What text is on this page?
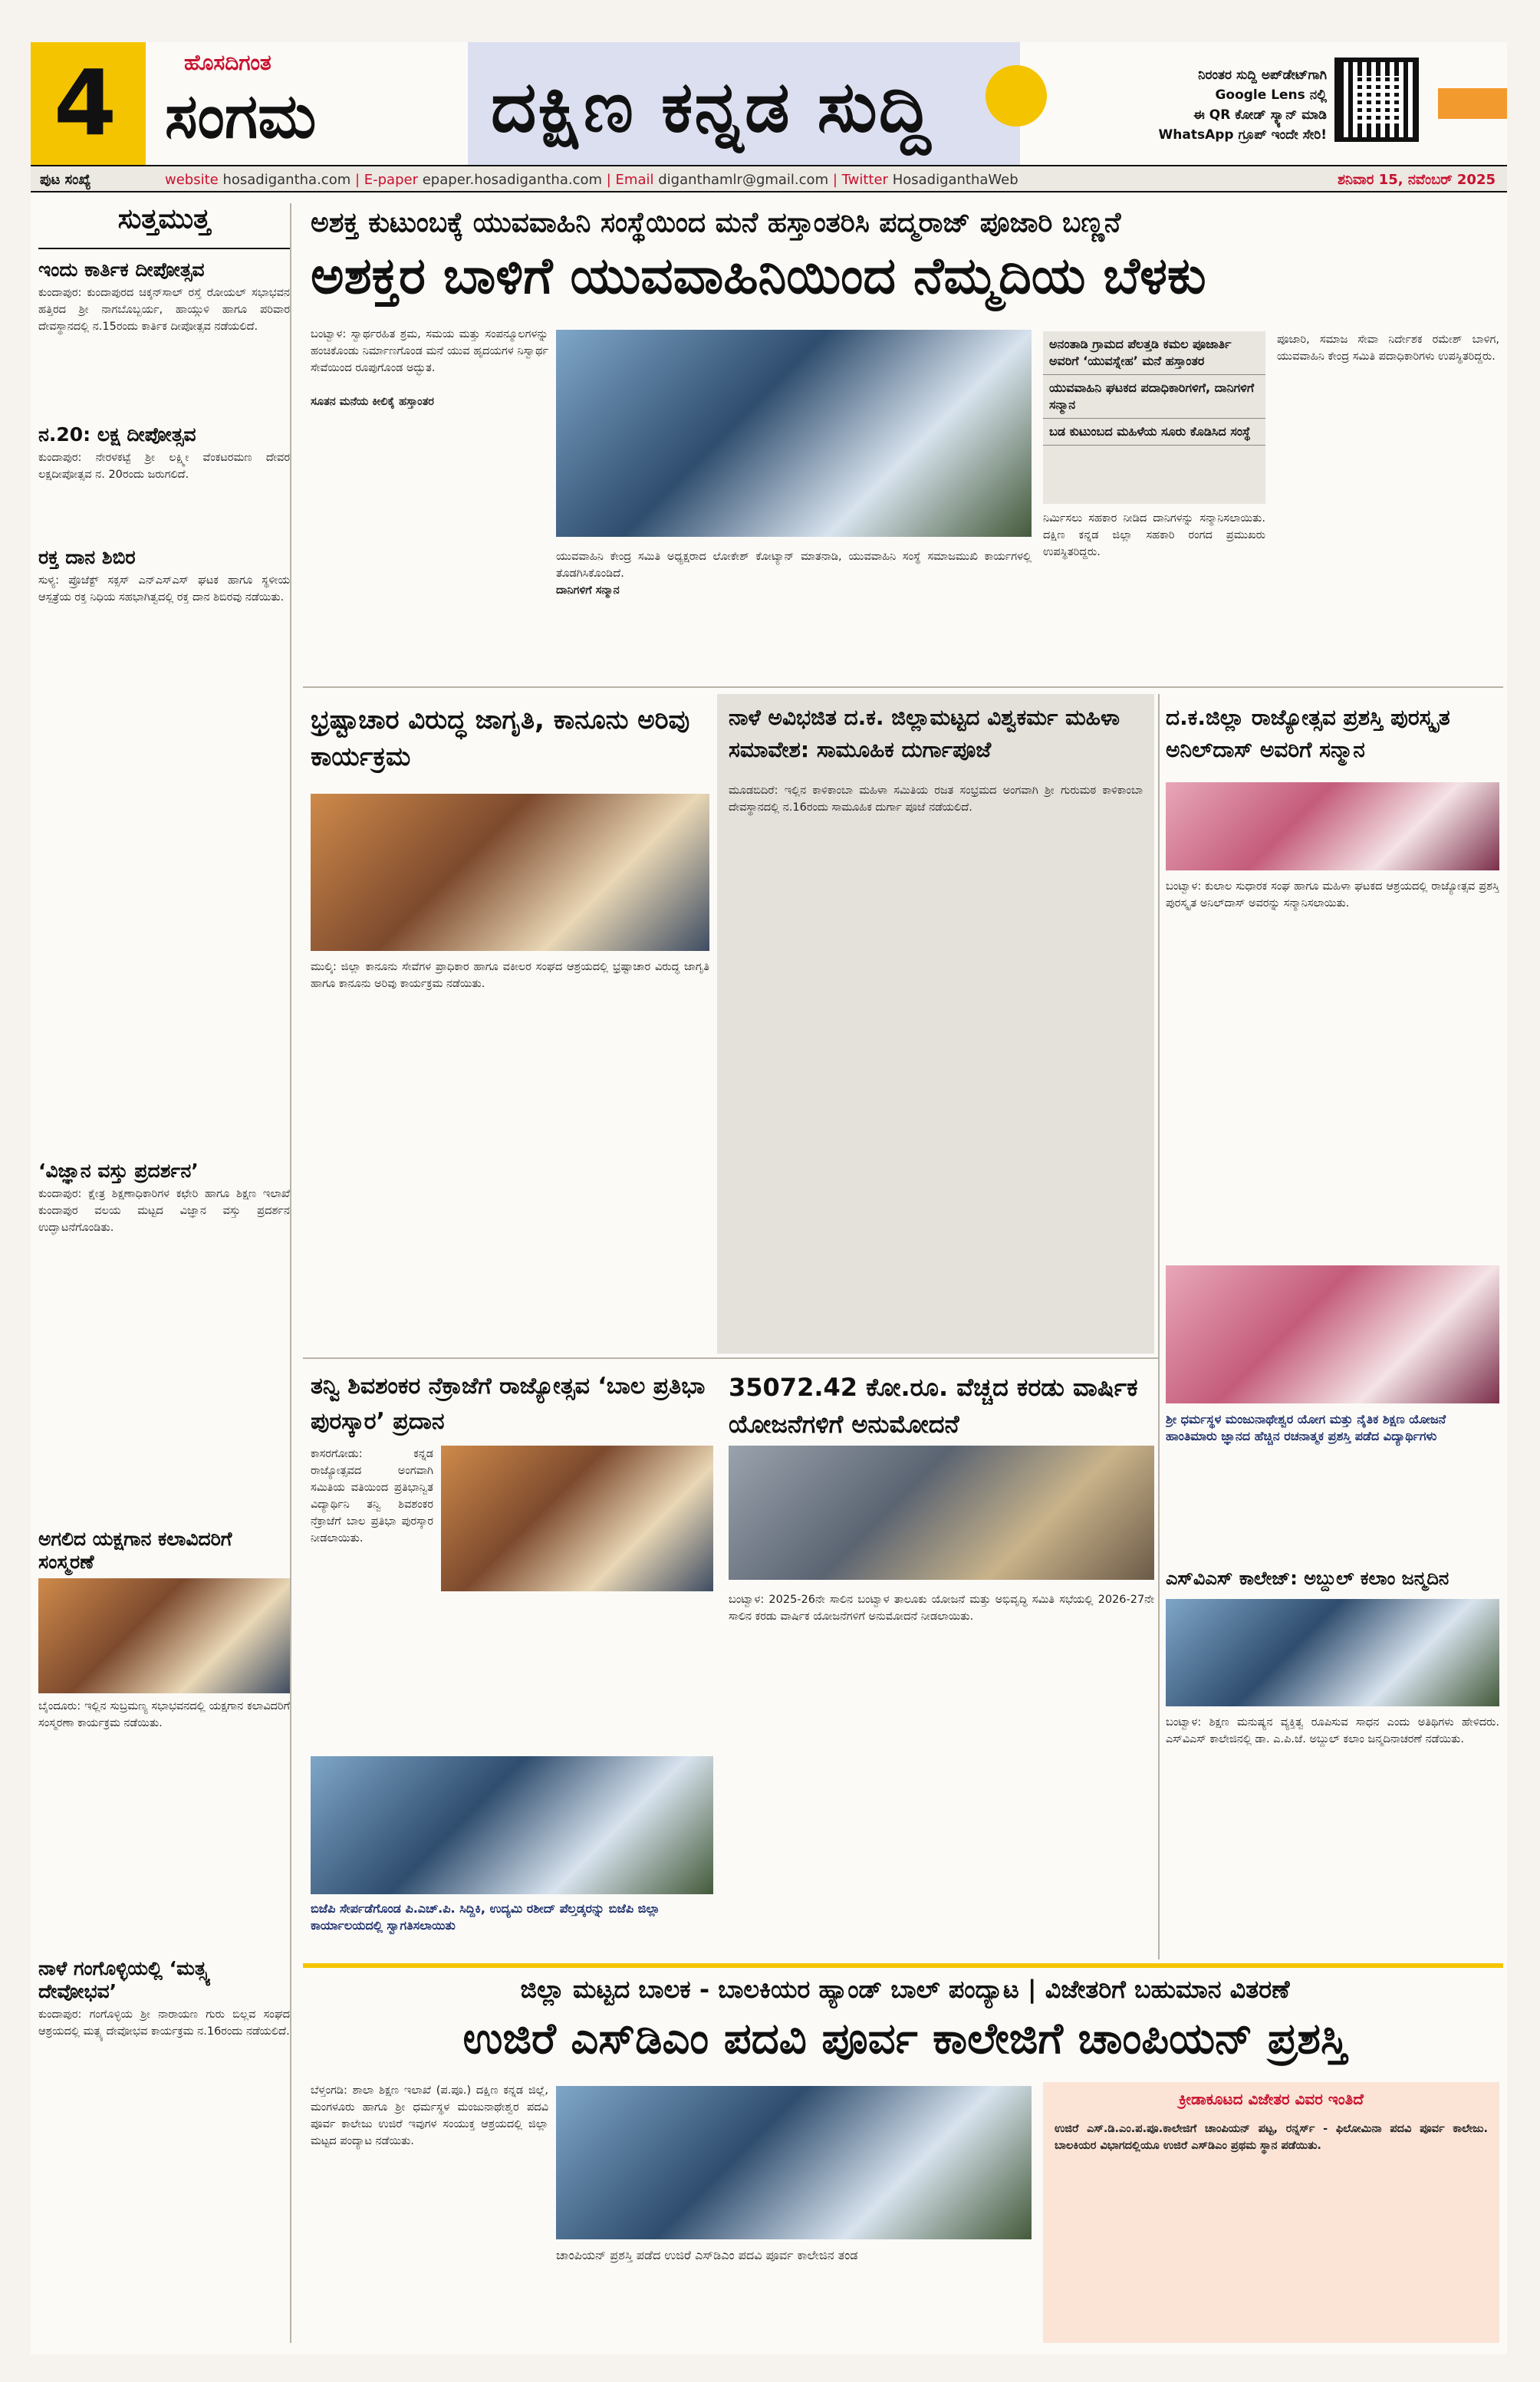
4	ಹೊಸದಿಗಂತ
ಸಂಗಮ ದಕ್ಷಿಣ ಕನ್ನಡ ಸುದ್ದಿ	ನಿರಂತರ ಸುದ್ದಿ ಅಪ್‌ಡೇಟ್‌ಗಾಗಿ
Google Lens ನಲ್ಲಿ
ಈ QR ಕೋಡ್ ಸ್ಕ್ಯಾನ್ ಮಾಡಿ
WhatsApp ಗ್ರೂಪ್ ಇಂದೇ ಸೇರಿ!
ಪುಟ ಸಂಖ್ಯೆ	website hosadigantha.com | E-paper epaper.hosadigantha.com | Email diganthamlr@gmail.com | Twitter HosadiganthaWeb	ಶನಿವಾರ 15, ನವೆಂಬರ್ 2025
ಸುತ್ತಮುತ್ತ
ಇಂದು ಕಾರ್ತಿಕ ದೀಪೋತ್ಸವ
ಕುಂದಾಪುರ: ಕುಂದಾಪುರದ ಚಿಕ್ಕನ್‌ಸಾಲ್ ರಸ್ತೆ ರೋಯಲ್ ಸಭಾಭವನ ಹತ್ತಿರದ ಶ್ರೀ ನಾಗಬೊಬ್ಬರ್ಯ, ಹಾಯ್ಗುಳಿ ಹಾಗೂ ಪರಿವಾರ ದೇವಸ್ಥಾನದಲ್ಲಿ ನ.15ರಂದು ಕಾರ್ತಿಕ ದೀಪೋತ್ಸವ ನಡೆಯಲಿದೆ.
ನ.20: ಲಕ್ಷ ದೀಪೋತ್ಸವ
ಕುಂದಾಪುರ: ನೇರಳಕಟ್ಟೆ ಶ್ರೀ ಲಕ್ಷ್ಮೀ ವೆಂಕಟರಮಣ ದೇವರ ಲಕ್ಷದೀಪೋತ್ಸವ ನ. 20ರಂದು ಜರುಗಲಿದೆ.
ರಕ್ತ ದಾನ ಶಿಬಿರ
ಸುಳ್ಯ: ಪ್ರೊಜೆಕ್ಟ್ ಸಕ್ಸಸ್ ಎನ್‌ಎಸ್‌ಎಸ್ ಘಟಕ ಹಾಗೂ ಸ್ಥಳೀಯ ಆಸ್ಪತ್ರೆಯ ರಕ್ತ ನಿಧಿಯ ಸಹಭಾಗಿತ್ವದಲ್ಲಿ ರಕ್ತ ದಾನ ಶಿಬಿರವು ನಡೆಯಿತು.
‘ವಿಜ್ಞಾನ ವಸ್ತು ಪ್ರದರ್ಶನ’
ಕುಂದಾಪುರ: ಕ್ಷೇತ್ರ ಶಿಕ್ಷಣಾಧಿಕಾರಿಗಳ ಕಛೇರಿ ಹಾಗೂ ಶಿಕ್ಷಣ ಇಲಾಖೆ ಕುಂದಾಪುರ ವಲಯ ಮಟ್ಟದ ವಿಜ್ಞಾನ ವಸ್ತು ಪ್ರದರ್ಶನ ಉದ್ಘಾಟನೆಗೊಂಡಿತು.
ಅಗಲಿದ ಯಕ್ಷಗಾನ ಕಲಾವಿದರಿಗೆ ಸಂಸ್ಮರಣೆ
ಬೈಂದೂರು: ಇಲ್ಲಿನ ಸುಬ್ರಮಣ್ಯ ಸಭಾಭವನದಲ್ಲಿ ಯಕ್ಷಗಾನ ಕಲಾವಿದರಿಗೆ ಸಂಸ್ಮರಣಾ ಕಾರ್ಯಕ್ರಮ ನಡೆಯಿತು.
ನಾಳೆ ಗಂಗೊಳ್ಳಿಯಲ್ಲಿ ‘ಮತ್ಸ್ಯ ದೇವೋಭವ’
ಕುಂದಾಪುರ: ಗಂಗೊಳ್ಳಿಯ ಶ್ರೀ ನಾರಾಯಣ ಗುರು ಬಿಲ್ಲವ ಸಂಘದ ಆಶ್ರಯದಲ್ಲಿ ಮತ್ಸ್ಯ ದೇವೋಭವ ಕಾರ್ಯಕ್ರಮ ನ.16ರಂದು ನಡೆಯಲಿದೆ.
ಅಶಕ್ತ ಕುಟುಂಬಕ್ಕೆ ಯುವವಾಹಿನಿ ಸಂಸ್ಥೆಯಿಂದ ಮನೆ ಹಸ್ತಾಂತರಿಸಿ ಪದ್ಮರಾಜ್ ಪೂಜಾರಿ ಬಣ್ಣನೆ
ಅಶಕ್ತರ ಬಾಳಿಗೆ ಯುವವಾಹಿನಿಯಿಂದ ನೆಮ್ಮದಿಯ ಬೆಳಕು
ಬಂಟ್ವಾಳ: ಸ್ವಾರ್ಥರಹಿತ ಶ್ರಮ, ಸಮಯ ಮತ್ತು ಸಂಪನ್ಮೂಲಗಳನ್ನು ಹಂಚಿಕೊಂಡು ನಿರ್ಮಾಣಗೊಂಡ ಮನೆ ಯುವ ಹೃದಯಗಳ ನಿಸ್ವಾರ್ಥ ಸೇವೆಯಿಂದ ರೂಪುಗೊಂಡ ಅದ್ಭುತ.

ಸೂತನ ಮನೆಯ ಕೀಲಿಕೈ ಹಸ್ತಾಂತರ
ಯುವವಾಹಿನಿ ಕೇಂದ್ರ ಸಮಿತಿ ಅಧ್ಯಕ್ಷರಾದ ಲೋಕೇಶ್ ಕೋಟ್ಯಾನ್ ಮಾತನಾಡಿ, ಯುವವಾಹಿನಿ ಸಂಸ್ಥೆ ಸಮಾಜಮುಖಿ ಕಾರ್ಯಗಳಲ್ಲಿ ತೊಡಗಿಸಿಕೊಂಡಿದೆ.
ದಾನಿಗಳಿಗೆ ಸನ್ಮಾನ
ಅನಂತಾಡಿ ಗ್ರಾಮದ ಪೆಲತ್ತಡಿ ಕಮಲ ಪೂಜಾರ್ತಿ ಅವರಿಗೆ ‘ಯುವಸ್ನೇಹ’ ಮನೆ ಹಸ್ತಾಂತರ
ಯುವವಾಹಿನಿ ಘಟಕದ ಪದಾಧಿಕಾರಿಗಳಿಗೆ, ದಾನಿಗಳಿಗೆ ಸನ್ಮಾನ
ಬಡ ಕುಟುಂಬದ ಮಹಿಳೆಯ ಸೂರು ಕೊಡಿಸಿದ ಸಂಸ್ಥೆ
ನಿರ್ಮಿಸಲು ಸಹಕಾರ ನೀಡಿದ ದಾನಿಗಳನ್ನು ಸನ್ಮಾನಿಸಲಾಯಿತು. ದಕ್ಷಿಣ ಕನ್ನಡ ಜಿಲ್ಲಾ ಸಹಕಾರಿ ರಂಗದ ಪ್ರಮುಖರು ಉಪಸ್ಥಿತರಿದ್ದರು.
ಪೂಜಾರಿ, ಸಮಾಜ ಸೇವಾ ನಿರ್ದೇಶಕ ರಮೇಶ್ ಬಾಳಿಗ, ಯುವವಾಹಿನಿ ಕೇಂದ್ರ ಸಮಿತಿ ಪದಾಧಿಕಾರಿಗಳು ಉಪಸ್ಥಿತರಿದ್ದರು.
ಭ್ರಷ್ಟಾಚಾರ ವಿರುದ್ಧ ಜಾಗೃತಿ, ಕಾನೂನು ಅರಿವು ಕಾರ್ಯಕ್ರಮ
ಮುಲ್ಕಿ: ಜಿಲ್ಲಾ ಕಾನೂನು ಸೇವೆಗಳ ಪ್ರಾಧಿಕಾರ ಹಾಗೂ ವಕೀಲರ ಸಂಘದ ಆಶ್ರಯದಲ್ಲಿ ಭ್ರಷ್ಟಾಚಾರ ವಿರುದ್ಧ ಜಾಗೃತಿ ಹಾಗೂ ಕಾನೂನು ಅರಿವು ಕಾರ್ಯಕ್ರಮ ನಡೆಯಿತು.
ನಾಳೆ ಅವಿಭಜಿತ ದ.ಕ. ಜಿಲ್ಲಾಮಟ್ಟದ ವಿಶ್ವಕರ್ಮ ಮಹಿಳಾ ಸಮಾವೇಶ: ಸಾಮೂಹಿಕ ದುರ್ಗಾಪೂಜೆ
ಮೂಡಬಿದಿರೆ: ಇಲ್ಲಿನ ಕಾಳಿಕಾಂಬಾ ಮಹಿಳಾ ಸಮಿತಿಯ ರಜತ ಸಂಭ್ರಮದ ಅಂಗವಾಗಿ ಶ್ರೀ ಗುರುಮಠ ಕಾಳಿಕಾಂಬಾ ದೇವಸ್ಥಾನದಲ್ಲಿ ನ.16ರಂದು ಸಾಮೂಹಿಕ ದುರ್ಗಾ ಪೂಜೆ ನಡೆಯಲಿದೆ.
ದ.ಕ.ಜಿಲ್ಲಾ ರಾಜ್ಯೋತ್ಸವ ಪ್ರಶಸ್ತಿ ಪುರಸ್ಕೃತ ಅನಿಲ್‌ದಾಸ್ ಅವರಿಗೆ ಸನ್ಮಾನ
ಬಂಟ್ವಾಳ: ಕುಲಾಲ ಸುಧಾರಕ ಸಂಘ ಹಾಗೂ ಮಹಿಳಾ ಘಟಕದ ಆಶ್ರಯದಲ್ಲಿ ರಾಜ್ಯೋತ್ಸವ ಪ್ರಶಸ್ತಿ ಪುರಸ್ಕೃತ ಅನಿಲ್‌ದಾಸ್ ಅವರನ್ನು ಸನ್ಮಾನಿಸಲಾಯಿತು.
ಶ್ರೀ ಧರ್ಮಸ್ಥಳ ಮಂಜುನಾಥೇಶ್ವರ ಯೋಗ ಮತ್ತು ನೈತಿಕ ಶಿಕ್ಷಣ ಯೋಜನೆ ಹಾಂತಿಮಾರು ಜ್ಞಾನದ ಹೆಚ್ಚಿನ ರಚನಾತ್ಮಕ ಪ್ರಶಸ್ತಿ ಪಡೆದ ವಿದ್ಯಾರ್ಥಿಗಳು
ತನ್ವಿ ಶಿವಶಂಕರ ನೆಕ್ರಾಜೆಗೆ ರಾಜ್ಯೋತ್ಸವ ‘ಬಾಲ ಪ್ರತಿಭಾ ಪುರಸ್ಕಾರ’ ಪ್ರದಾನ
ಕಾಸರಗೋಡು: ಕನ್ನಡ ರಾಜ್ಯೋತ್ಸವದ ಅಂಗವಾಗಿ ಸಮಿತಿಯ ವತಿಯಿಂದ ಪ್ರತಿಭಾನ್ವಿತ ವಿದ್ಯಾರ್ಥಿನಿ ತನ್ವಿ ಶಿವಶಂಕರ ನೆಕ್ರಾಜೆಗೆ ಬಾಲ ಪ್ರತಿಭಾ ಪುರಸ್ಕಾರ ನೀಡಲಾಯಿತು.
ಬಿಜೆಪಿ ಸೇರ್ಪಡೆಗೊಂಡ ಪಿ.ಎಚ್.ಪಿ. ಸಿದ್ದಿಕಿ, ಉದ್ಯಮಿ ರಶೀದ್ ಪೆಲ್ತಡ್ಕರನ್ನು ಬಿಜೆಪಿ ಜಿಲ್ಲಾ ಕಾರ್ಯಾಲಯದಲ್ಲಿ ಸ್ವಾಗತಿಸಲಾಯಿತು
35072.42 ಕೋ.ರೂ. ವೆಚ್ಚದ ಕರಡು ವಾರ್ಷಿಕ ಯೋಜನೆಗಳಿಗೆ ಅನುಮೋದನೆ
ಬಂಟ್ವಾಳ: 2025-26ನೇ ಸಾಲಿನ ಬಂಟ್ವಾಳ ತಾಲೂಕು ಯೋಜನೆ ಮತ್ತು ಅಭಿವೃದ್ಧಿ ಸಮಿತಿ ಸಭೆಯಲ್ಲಿ 2026-27ನೇ ಸಾಲಿನ ಕರಡು ವಾರ್ಷಿಕ ಯೋಜನೆಗಳಿಗೆ ಅನುಮೋದನೆ ನೀಡಲಾಯಿತು.
ಎಸ್‌ವಿಎಸ್ ಕಾಲೇಜ್: ಅಬ್ದುಲ್ ಕಲಾಂ ಜನ್ಮದಿನ
ಬಂಟ್ವಾಳ: ಶಿಕ್ಷಣ ಮನುಷ್ಯನ ವ್ಯಕ್ತಿತ್ವ ರೂಪಿಸುವ ಸಾಧನ ಎಂದು ಅತಿಥಿಗಳು ಹೇಳಿದರು. ಎಸ್‌ವಿಎಸ್ ಕಾಲೇಜಿನಲ್ಲಿ ಡಾ. ಎ.ಪಿ.ಜೆ. ಅಬ್ದುಲ್ ಕಲಾಂ ಜನ್ಮದಿನಾಚರಣೆ ನಡೆಯಿತು.
ಜಿಲ್ಲಾ ಮಟ್ಟದ ಬಾಲಕ - ಬಾಲಕಿಯರ ಹ್ಯಾಂಡ್ ಬಾಲ್ ಪಂದ್ಯಾಟ | ವಿಜೇತರಿಗೆ ಬಹುಮಾನ ವಿತರಣೆ
ಉಜಿರೆ ಎಸ್‌ಡಿಎಂ ಪದವಿ ಪೂರ್ವ ಕಾಲೇಜಿಗೆ ಚಾಂಪಿಯನ್ ಪ್ರಶಸ್ತಿ
ಬೆಳ್ತಂಗಡಿ: ಶಾಲಾ ಶಿಕ್ಷಣ ಇಲಾಖೆ (ಪ.ಪೂ.) ದಕ್ಷಿಣ ಕನ್ನಡ ಜಿಲ್ಲೆ, ಮಂಗಳೂರು ಹಾಗೂ ಶ್ರೀ ಧರ್ಮಸ್ಥಳ ಮಂಜುನಾಥೇಶ್ವರ ಪದವಿ ಪೂರ್ವ ಕಾಲೇಜು ಉಜಿರೆ ಇವುಗಳ ಸಂಯುಕ್ತ ಆಶ್ರಯದಲ್ಲಿ ಜಿಲ್ಲಾ ಮಟ್ಟದ ಪಂದ್ಯಾಟ ನಡೆಯಿತು.
ಚಾಂಪಿಯನ್ ಪ್ರಶಸ್ತಿ ಪಡೆದ ಉಜಿರೆ ಎಸ್‌ಡಿಎಂ ಪದವಿ ಪೂರ್ವ ಕಾಲೇಜಿನ ತಂಡ
ಕ್ರೀಡಾಕೂಟದ ವಿಜೇತರ ವಿವರ ಇಂತಿದೆ
ಉಜಿರೆ ಎಸ್.ಡಿ.ಎಂ.ಪ.ಪೂ.ಕಾಲೇಜಿಗೆ ಚಾಂಪಿಯನ್ ಪಟ್ಟ, ರನ್ನರ್ಸ್ - ಫಿಲೋಮಿನಾ ಪದವಿ ಪೂರ್ವ ಕಾಲೇಜು. ಬಾಲಕಿಯರ ವಿಭಾಗದಲ್ಲಿಯೂ ಉಜಿರೆ ಎಸ್‌ಡಿಎಂ ಪ್ರಥಮ ಸ್ಥಾನ ಪಡೆಯಿತು.
